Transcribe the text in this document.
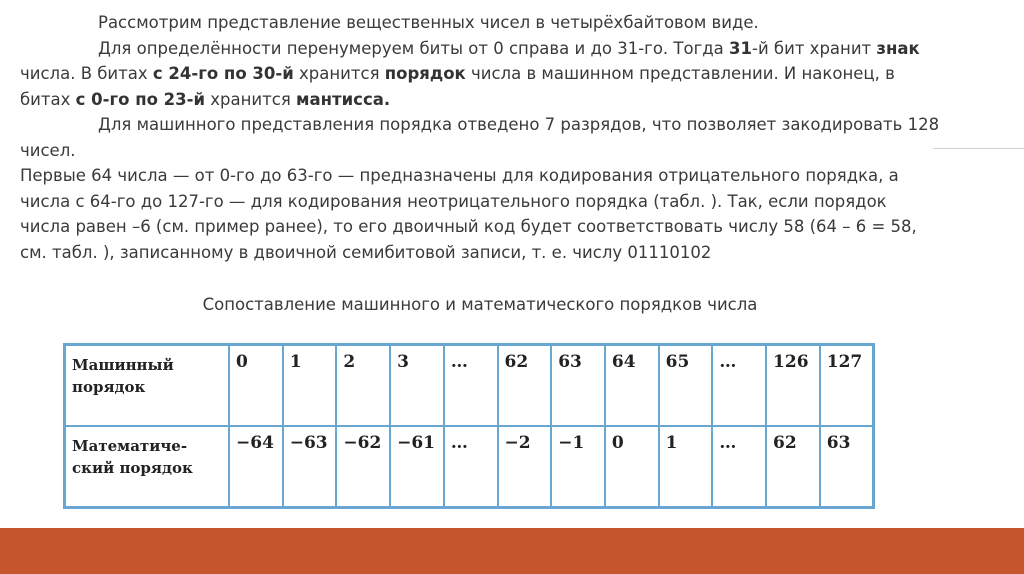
Рассмотрим представление вещественных чисел в четырёхбайтовом виде.

Для определённости перенумеруем биты от 0 справа и до 31-го. Тогда 31-й бит хранит знак числа. В битах с 24-го по 30-й хранится порядок числа в машинном представлении. И наконец, в битах с 0-го по 23-й хранится мантисса.

Для машинного представления порядка отведено 7 разрядов, что позволяет закодировать 128 чисел.

Первые 64 числа — от 0-го до 63-го — предназначены для кодирования отрицательного порядка, а числа с 64-го до 127-го — для кодирования неотрицательного порядка (табл. ). Так, если порядок числа равен –6 (см. пример ранее), то его двоичный код будет соответствовать числу 58 (64 – 6 = 58, см. табл. ), записанному в двоичной семибитовой записи, т. е. числу 01110102

Сопоставление машинного и математического порядков числа
Машинный порядок	0	1	2	3	…	62	63	64	65	…	126	127
Математиче-ский порядок	−64	−63	−62	−61	…	−2	−1	0	1	…	62	63
